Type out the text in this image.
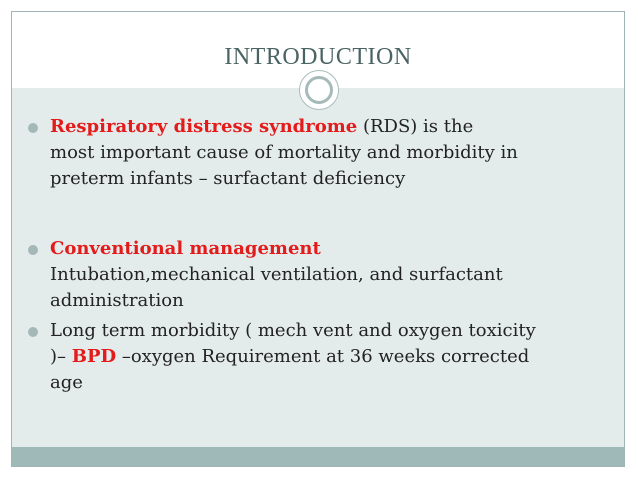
INTRODUCTION
Respiratory distress syndrome (RDS) is the
most important cause of mortality and morbidity in
preterm infants – surfactant deficiency
Conventional management
Intubation,mechanical ventilation, and surfactant
administration
Long term morbidity ( mech vent and oxygen toxicity
)– BPD –oxygen Requirement at 36 weeks corrected
age
